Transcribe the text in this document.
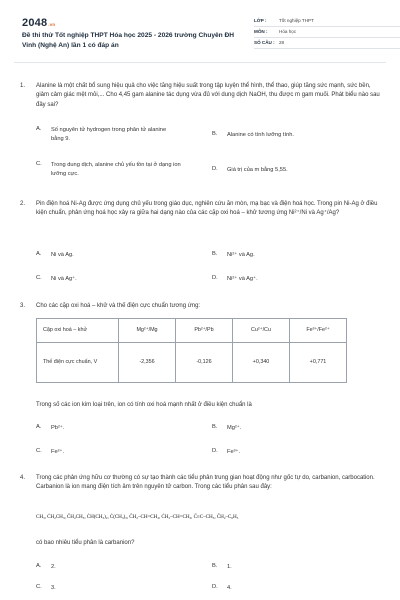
2048.vn
Đề thi thử Tốt nghiệp THPT Hóa học 2025 - 2026 trường Chuyên ĐH Vinh (Nghệ An) lần 1 có đáp án
LỚP :	Tốt nghiệp THPT
MÔN :	Hóa học
SỐ CÂU : 28
1.	Alanine là một chất bổ sung hiệu quả cho việc tăng hiệu suất trong tập luyện thể hình, thể thao, giúp tăng sức mạnh, sức bền, giảm cảm giác mệt mỏi,... Cho 4,45 gam alanine tác dụng vừa đủ với dung dịch NaOH, thu được m gam muối. Phát biểu nào sau đây sai?
A.	Số nguyên tử hydrogen trong phân tử alanine bằng 9.
B.	Alanine có tính lưỡng tính.
C.	Trong dung dịch, alanine chủ yếu tồn tại ở dạng ion lưỡng cực.
D.	Giá trị của m bằng 5,55.
2.	Pin điện hoá Ni-Ag được ứng dụng chủ yếu trong giáo dục, nghiên cứu ăn mòn, mạ bạc và điện hoá học. Trong pin Ni-Ag ở điều kiện chuẩn, phản ứng hoá học xảy ra giữa hai dạng nào của các cặp oxi hoá – khử tương ứng Ni²⁺/Ni và Ag⁺/Ag?
A.	Ni và Ag.	B.	Ni²⁺ và Ag.
C.	Ni và Ag⁺.	D.	Ni²⁺ và Ag⁺.
3.	Cho các cặp oxi hoá – khử và thế điện cực chuẩn tương ứng:
Cặp oxi hoá – khử	Mg²⁺/Mg	Pb²⁺/Pb	Cu²⁺/Cu	Fe³⁺/Fe²⁺
Thế điện cực chuẩn, V	-2,356	-0,126	+0,340	+0,771
Trong số các ion kim loại trên, ion có tính oxi hoá mạnh nhất ở điều kiện chuẩn là
A.	Pb²⁺.	B.	Mg²⁺.
C.	Fe²⁺.	D.	Fe³⁺.
4.	Trong các phản ứng hữu cơ thường có sự tạo thành các tiểu phân trung gian hoạt động như gốc tự do, carbanion, carbocation. Carbanion là ion mang điện tích âm trên nguyên tử carbon. Trong các tiểu phân sau đây:
CH₃, ĊH₂CH₃, C̄H₂CH₃, ĊH(CH₃)₂, Ċ(CH₃)₃, C̄H₂–CH=CH₂, ĊH₂–CH=CH₂, C̄≡C–CH₃, C̄H₂–C₆H₅
có bao nhiêu tiểu phân là carbanion?
A.	2.	B.	1.
C.	3.	D.	4.
